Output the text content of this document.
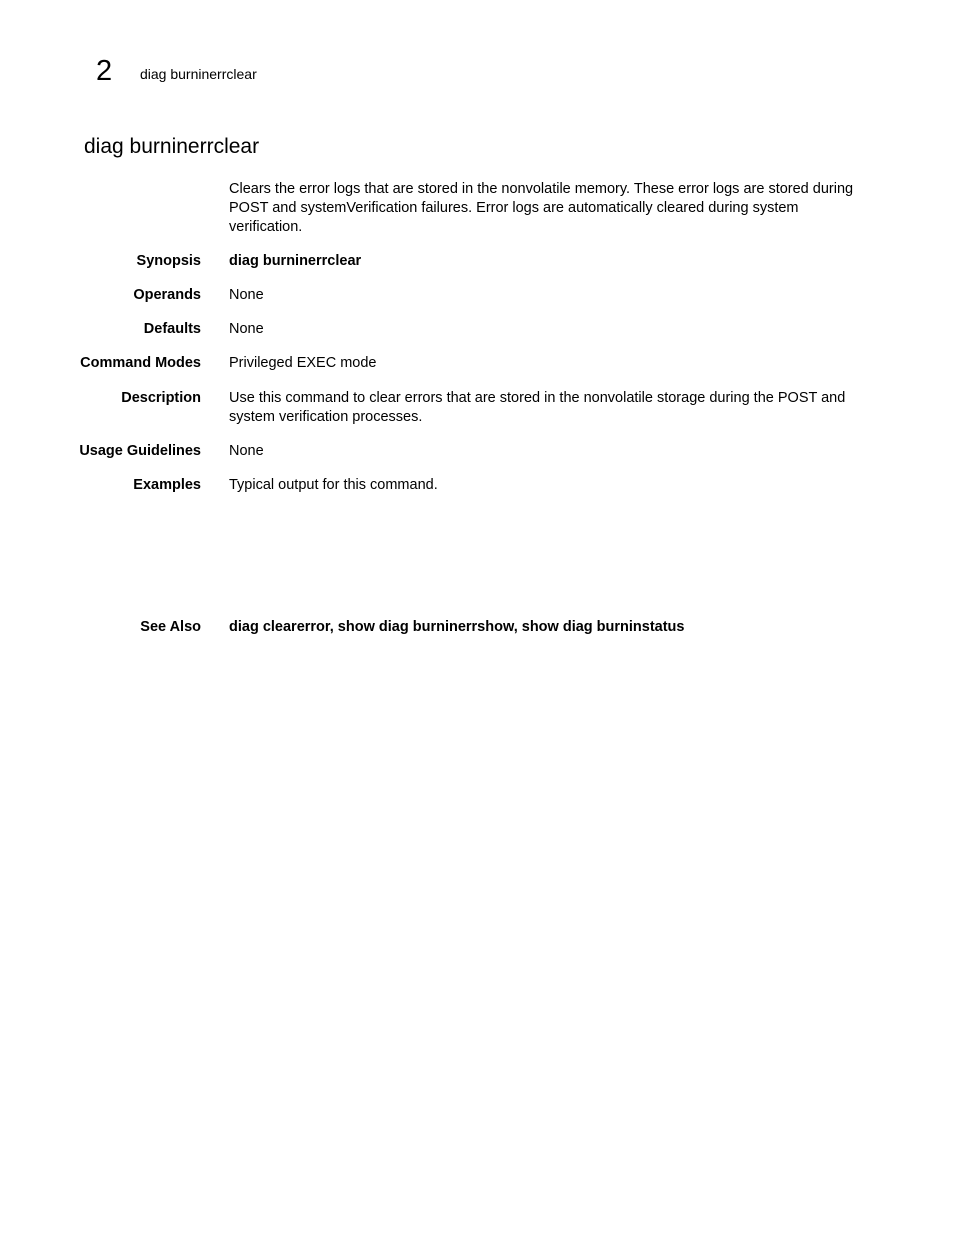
2 diag burninerrclear
diag burninerrclear

Clears the error logs that are stored in the nonvolatile memory. These error logs are stored during POST and systemVerification failures. Error logs are automatically cleared during system verification.

Synopsis diag burninerrclear
Operands None
Defaults None
Command Modes Privileged EXEC mode
Description Use this command to clear errors that are stored in the nonvolatile storage during the POST and system verification processes.
Usage Guidelines None
Examples Typical output for this command.
See Also diag clearerror, show diag burninerrshow, show diag burninstatus
